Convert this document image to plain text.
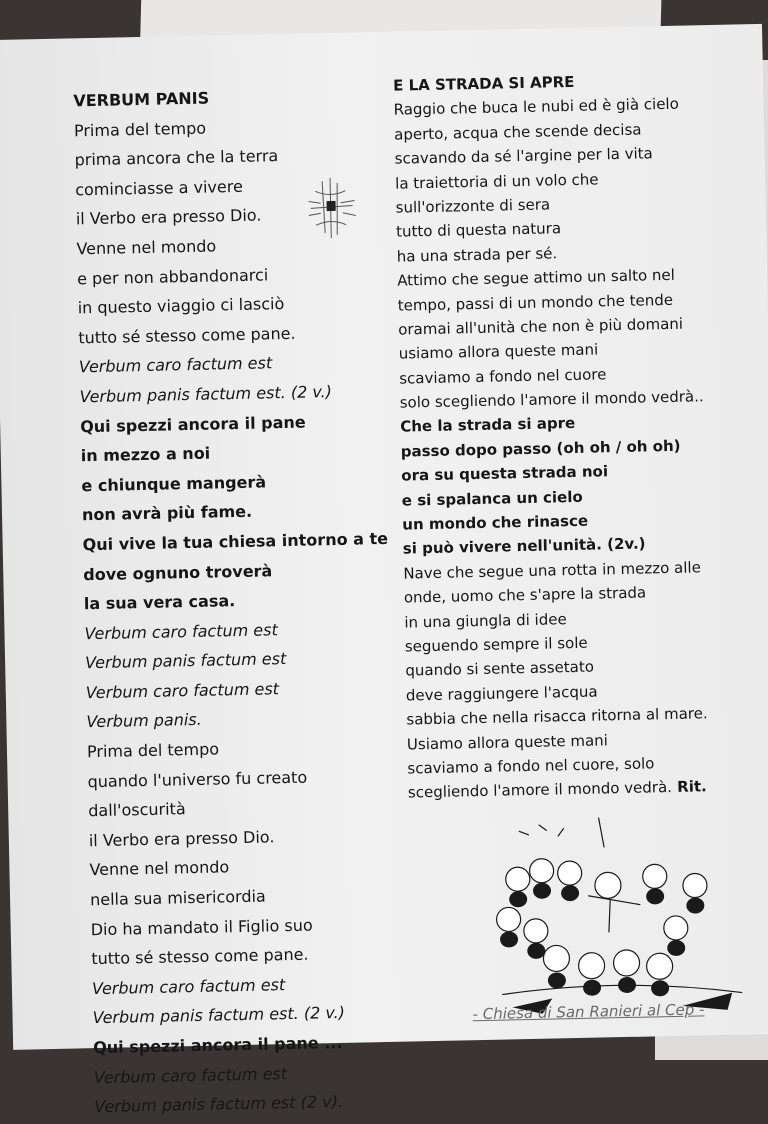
VERBUM PANIS
Prima del tempo
prima ancora che la terra
cominciasse a vivere
il Verbo era presso Dio.
Venne nel mondo
e per non abbandonarci
in questo viaggio ci lasciò
tutto sé stesso come pane.
Verbum caro factum est
Verbum panis factum est. (2 v.)
Qui spezzi ancora il pane
in mezzo a noi
e chiunque mangerà
non avrà più fame.
Qui vive la tua chiesa intorno a te
dove ognuno troverà
la sua vera casa.
Verbum caro factum est
Verbum panis factum est
Verbum caro factum est
Verbum panis.
Prima del tempo
quando l'universo fu creato
dall'oscurità
il Verbo era presso Dio.
Venne nel mondo
nella sua misericordia
Dio ha mandato il Figlio suo
tutto sé stesso come pane.
Verbum caro factum est
Verbum panis factum est. (2 v.)
Qui spezzi ancora il pane ...
Verbum caro factum est
Verbum panis factum est (2 v).
E LA STRADA SI APRE
Raggio che buca le nubi ed è già cielo
aperto, acqua che scende decisa
scavando da sé l'argine per la vita
la traiettoria di un volo che
sull'orizzonte di sera
tutto di questa natura
ha una strada per sé.
Attimo che segue attimo un salto nel
tempo, passi di un mondo che tende
oramai all'unità che non è più domani
usiamo allora queste mani
scaviamo a fondo nel cuore
solo scegliendo l'amore il mondo vedrà..
Che la strada si apre
passo dopo passo (oh oh / oh oh)
ora su questa strada noi
e si spalanca un cielo
un mondo che rinasce
si può vivere nell'unità. (2v.)
Nave che segue una rotta in mezzo alle
onde, uomo che s'apre la strada
in una giungla di idee
seguendo sempre il sole
quando si sente assetato
deve raggiungere l'acqua
sabbia che nella risacca ritorna al mare.
Usiamo allora queste mani
scaviamo a fondo nel cuore, solo
scegliendo l'amore il mondo vedrà. Rit.
- Chiesa di San Ranieri al Cep -
